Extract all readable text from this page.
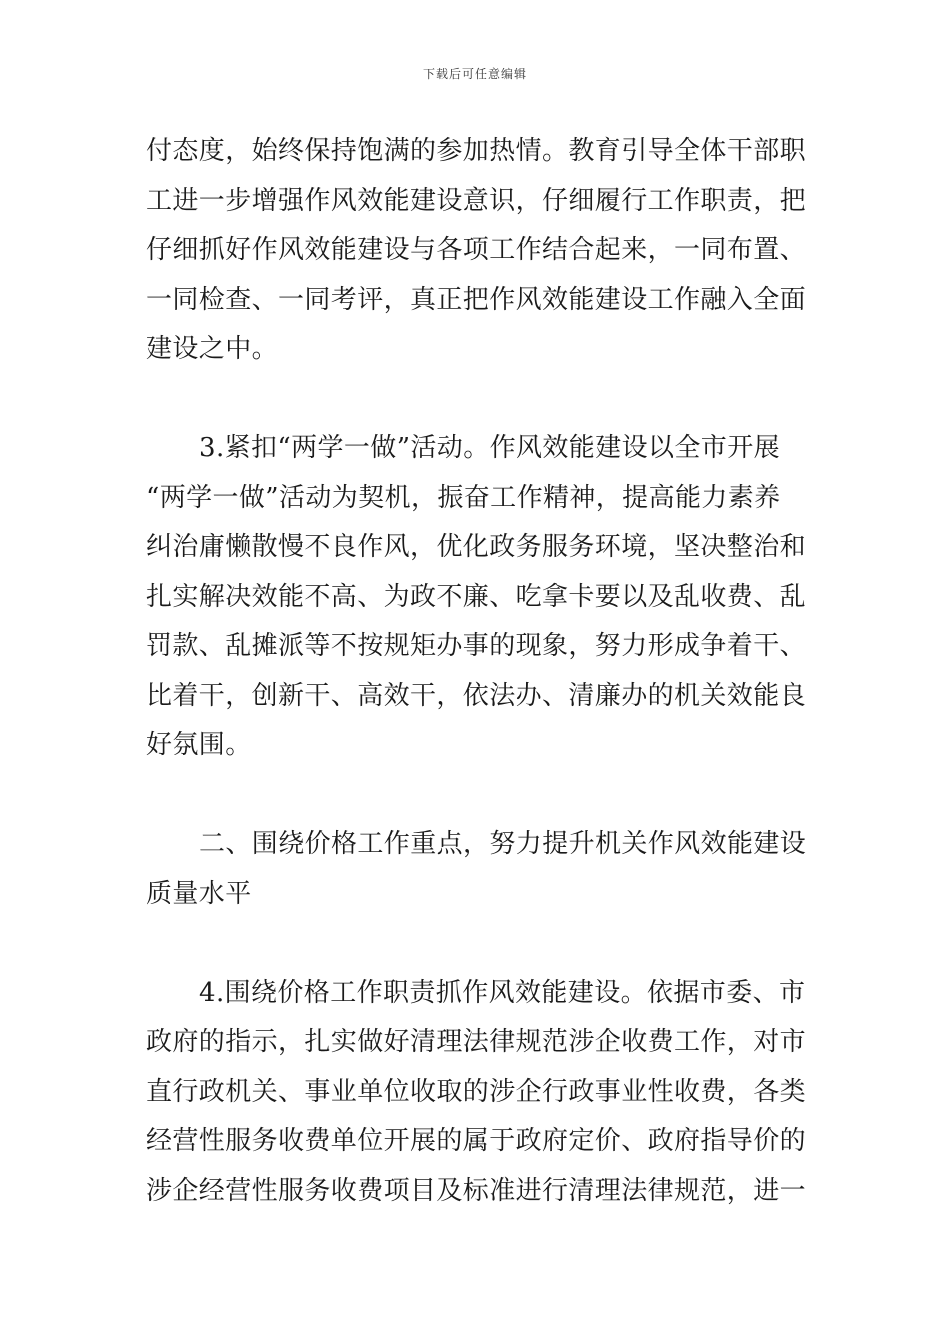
下载后可任意编辑
付态度，始终保持饱满的参加热情。教育引导全体干部职
工进一步增强作风效能建设意识，仔细履行工作职责，把
仔细抓好作风效能建设与各项工作结合起来，一同布置、
一同检查、一同考评，真正把作风效能建设工作融入全面
建设之中。
3.紧扣“两学一做”活动。作风效能建设以全市开展
“两学一做”活动为契机，振奋工作精神，提高能力素养
纠治庸懒散慢不良作风，优化政务服务环境，坚决整治和
扎实解决效能不高、为政不廉、吃拿卡要以及乱收费、乱
罚款、乱摊派等不按规矩办事的现象，努力形成争着干、
比着干，创新干、高效干，依法办、清廉办的机关效能良
好氛围。
二、围绕价格工作重点，努力提升机关作风效能建设
质量水平
4.围绕价格工作职责抓作风效能建设。依据市委、市
政府的指示，扎实做好清理法律规范涉企收费工作，对市
直行政机关、事业单位收取的涉企行政事业性收费，各类
经营性服务收费单位开展的属于政府定价、政府指导价的
涉企经营性服务收费项目及标准进行清理法律规范，进一
